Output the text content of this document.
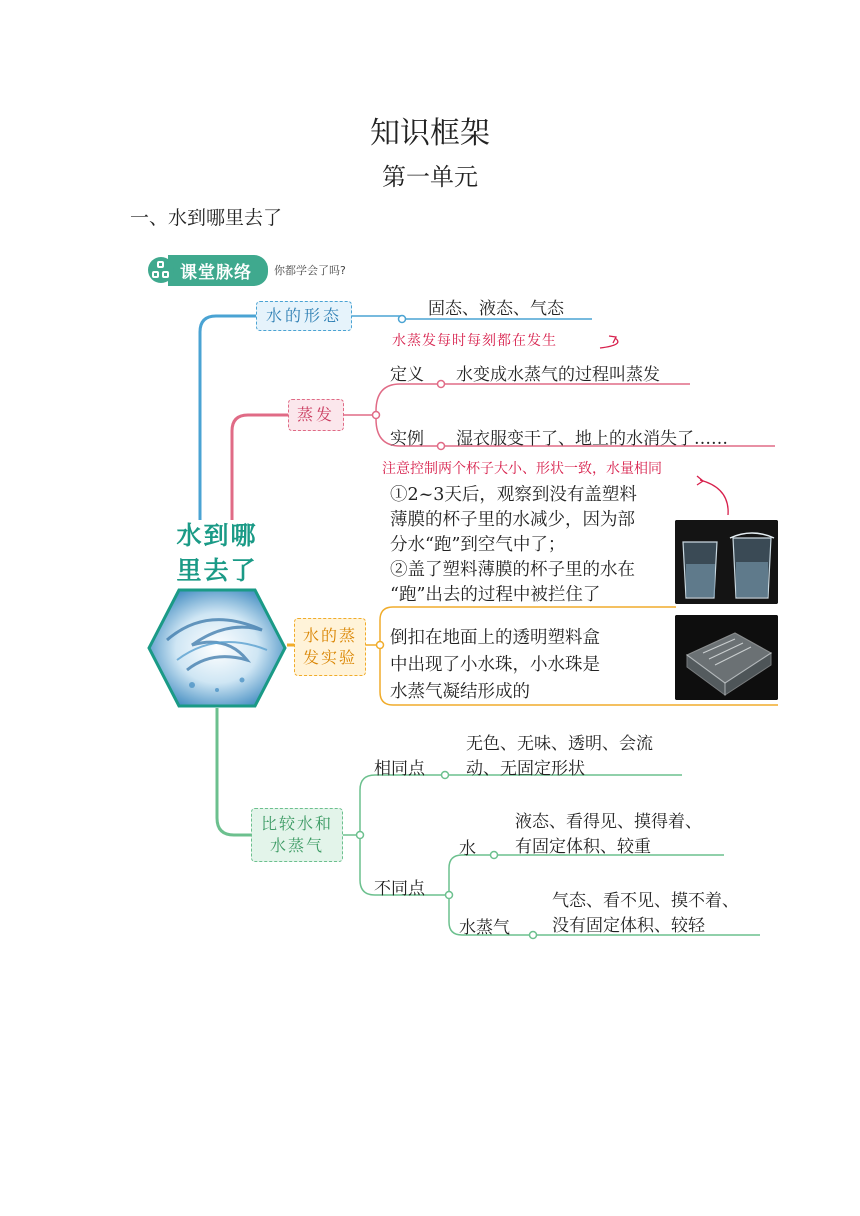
知识框架
第一单元
一、水到哪里去了
课堂脉络	你都学会了吗?
水到哪
里去了
水的形态
蒸发
水的蒸
发实验
比较水和
水蒸气
固态、液态、气态
水蒸发每时每刻都在发生
定义 水变成水蒸气的过程叫蒸发
实例 湿衣服变干了、地上的水消失了……
注意控制两个杯子大小、形状一致，水量相同
①2~3天后，观察到没有盖塑料
薄膜的杯子里的水减少，因为部
分水“跑”到空气中了；
②盖了塑料薄膜的杯子里的水在
“跑”出去的过程中被拦住了
倒扣在地面上的透明塑料盒
中出现了小水珠，小水珠是
水蒸气凝结形成的
无色、无味、透明、会流
动、无固定形状
相同点
不同点
水
液态、看得见、摸得着、
有固定体积、较重
水蒸气
气态、看不见、摸不着、
没有固定体积、较轻
